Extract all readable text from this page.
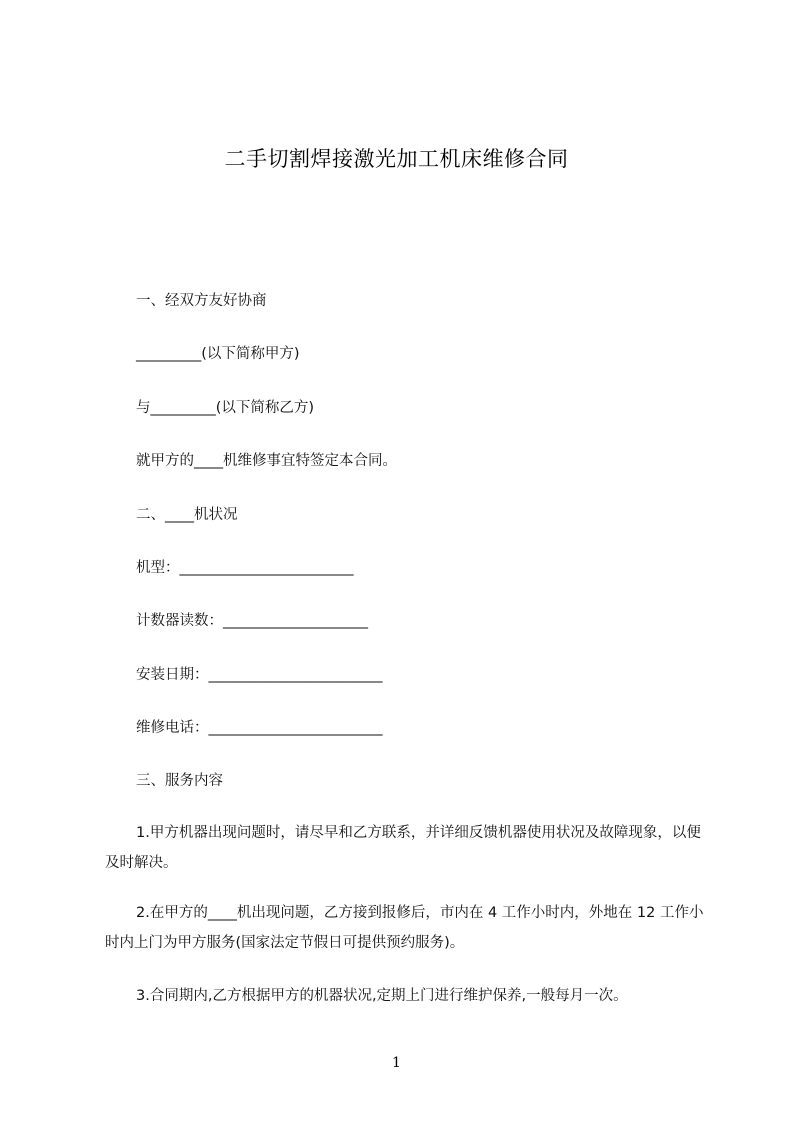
二手切割焊接激光加工机床维修合同
一、经双方友好协商
_________(以下简称甲方)
与_________(以下简称乙方)
就甲方的____机维修事宜特签定本合同。
二、____机状况
机型：________________________
计数器读数：____________________
安装日期：________________________
维修电话：________________________
三、服务内容
1.甲方机器出现问题时，请尽早和乙方联系，并详细反馈机器使用状况及故障现象，以便及时解决。
2.在甲方的____机出现问题，乙方接到报修后，市内在 4 工作小时内，外地在 12 工作小时内上门为甲方服务(国家法定节假日可提供预约服务)。
3.合同期内,乙方根据甲方的机器状况,定期上门进行维护保养,一般每月一次。
1
